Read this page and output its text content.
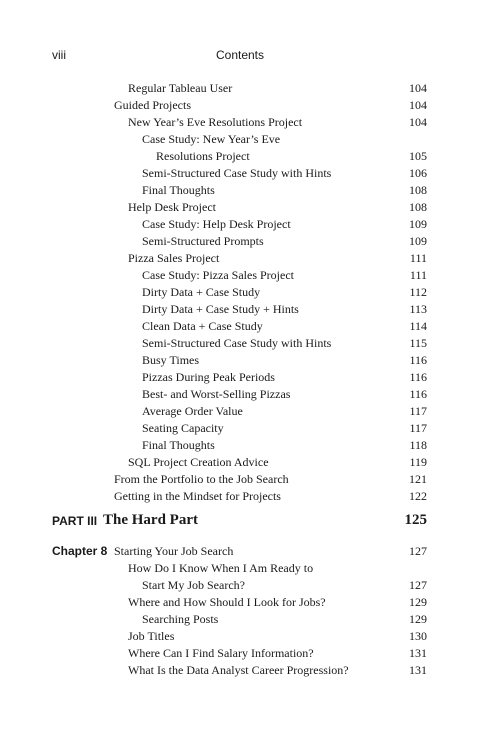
viii	Contents
Regular Tableau User	104
Guided Projects	104
New Year’s Eve Resolutions Project	104
Case Study: New Year’s Eve
Resolutions Project	105
Semi-Structured Case Study with Hints	106
Final Thoughts	108
Help Desk Project	108
Case Study: Help Desk Project	109
Semi-Structured Prompts	109
Pizza Sales Project	111
Case Study: Pizza Sales Project	111
Dirty Data + Case Study	112
Dirty Data + Case Study + Hints	113
Clean Data + Case Study	114
Semi-Structured Case Study with Hints	115
Busy Times	116
Pizzas During Peak Periods	116
Best- and Worst-Selling Pizzas	116
Average Order Value	117
Seating Capacity	117
Final Thoughts	118
SQL Project Creation Advice	119
From the Portfolio to the Job Search	121
Getting in the Mindset for Projects	122
PART III The Hard Part	125
Chapter 8 Starting Your Job Search	127
How Do I Know When I Am Ready to
Start My Job Search?	127
Where and How Should I Look for Jobs?	129
Searching Posts	129
Job Titles	130
Where Can I Find Salary Information?	131
What Is the Data Analyst Career Progression?	131
